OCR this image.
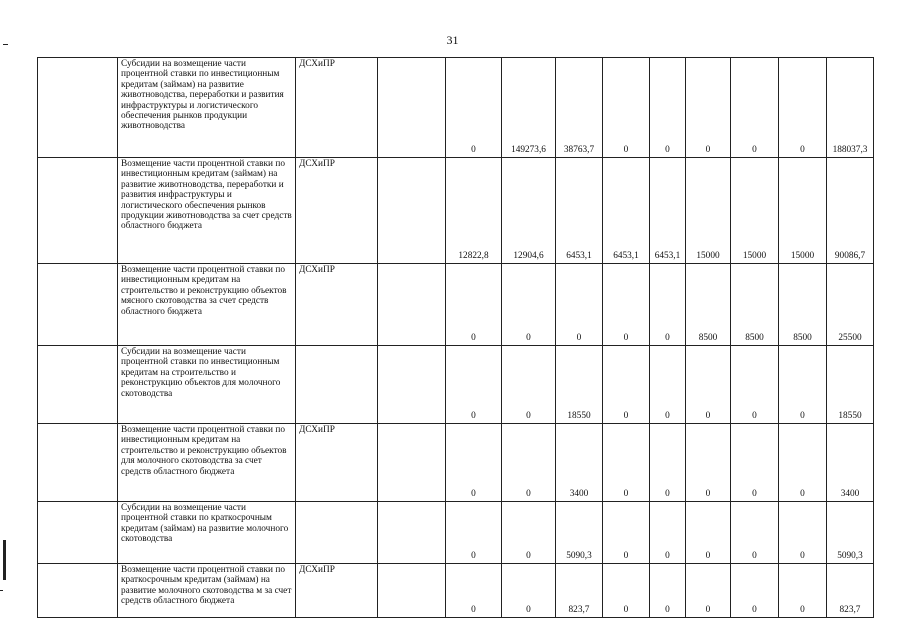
31
	Субсидии на возмещение части процентной ставки по инвестиционным кредитам (займам) на развитие животноводства, переработки и развития инфраструктуры и логистического обеспечения рынков продукции животноводства	ДСХиПР		0	149273,6	38763,7	0	0	0	0	0	188037,3
	Возмещение части процентной ставки по инвестиционным кредитам (займам) на развитие животноводства, переработки и развития инфраструктуры и логистического обеспечения рынков продукции животноводства за счет средств областного бюджета	ДСХиПР		12822,8	12904,6	6453,1	6453,1	6453,1	15000	15000	15000	90086,7
	Возмещение части процентной ставки по инвестиционным кредитам на строительство и реконструкцию объектов мясного скотоводства за счет средств областного бюджета	ДСХиПР		0	0	0	0	0	8500	8500	8500	25500
	Субсидии на возмещение части процентной ставки по инвестиционным кредитам на строительство и реконструкцию объектов для молочного скотоводства			0	0	18550	0	0	0	0	0	18550
	Возмещение части процентной ставки по инвестиционным кредитам на строительство и реконструкцию объектов для молочного скотоводства за счет средств областного бюджета	ДСХиПР		0	0	3400	0	0	0	0	0	3400
	Субсидии на возмещение части процентной ставки по краткосрочным кредитам (займам) на развитие молочного скотоводства			0	0	5090,3	0	0	0	0	0	5090,3
	Возмещение части процентной ставки по краткосрочным кредитам (займам) на развитие молочного скотоводства м за счет средств областного бюджета	ДСХиПР		0	0	823,7	0	0	0	0	0	823,7
